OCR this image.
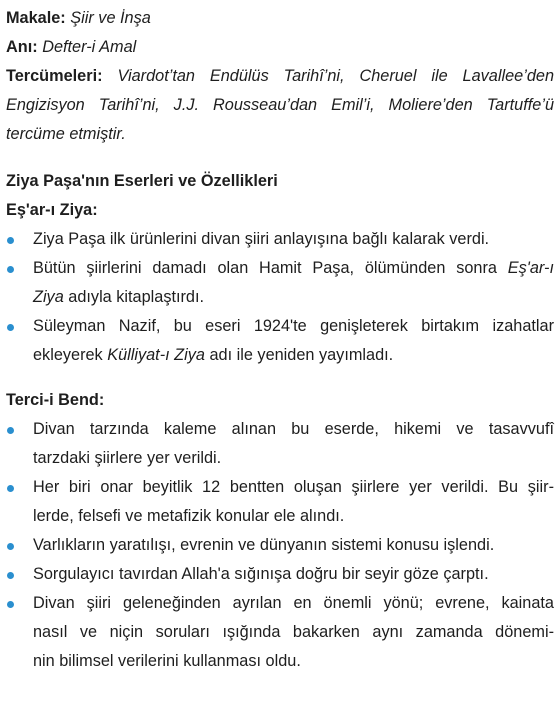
Makale: Şiir ve İnşa
Anı: Defter-i Amal
Tercümeleri: Viardot’tan Endülüs Tarihî’ni, Cheruel ile Lavallee’den
Engizisyon Tarihî’ni, J.J. Rousseau’dan Emil’i, Moliere’den Tartuffe’ü
tercüme etmiştir.
Ziya Paşa'nın Eserleri ve Özellikleri
Eş'ar-ı Ziya:
Ziya Paşa ilk ürünlerini divan şiiri anlayışına bağlı kalarak verdi.
Bütün şiirlerini damadı olan Hamit Paşa, ölümünden sonra Eş'ar-ı
Ziya adıyla kitaplaştırdı.
Süleyman Nazif, bu eseri 1924'te genişleterek birtakım izahatlar
ekleyerek Külliyat-ı Ziya adı ile yeniden yayımladı.
Terci-i Bend:
Divan tarzında kaleme alınan bu eserde, hikemi ve tasavvufî
tarzdaki şiirlere yer verildi.
Her biri onar beyitlik 12 bentten oluşan şiirlere yer verildi. Bu şiir-
lerde, felsefi ve metafizik konular ele alındı.
Varlıkların yaratılışı, evrenin ve dünyanın sistemi konusu işlendi.
Sorgulayıcı tavırdan Allah'a sığınışa doğru bir seyir göze çarptı.
Divan şiiri geleneğinden ayrılan en önemli yönü; evrene, kainata
nasıl ve niçin soruları ışığında bakarken aynı zamanda dönemi-
nin bilimsel verilerini kullanması oldu.
